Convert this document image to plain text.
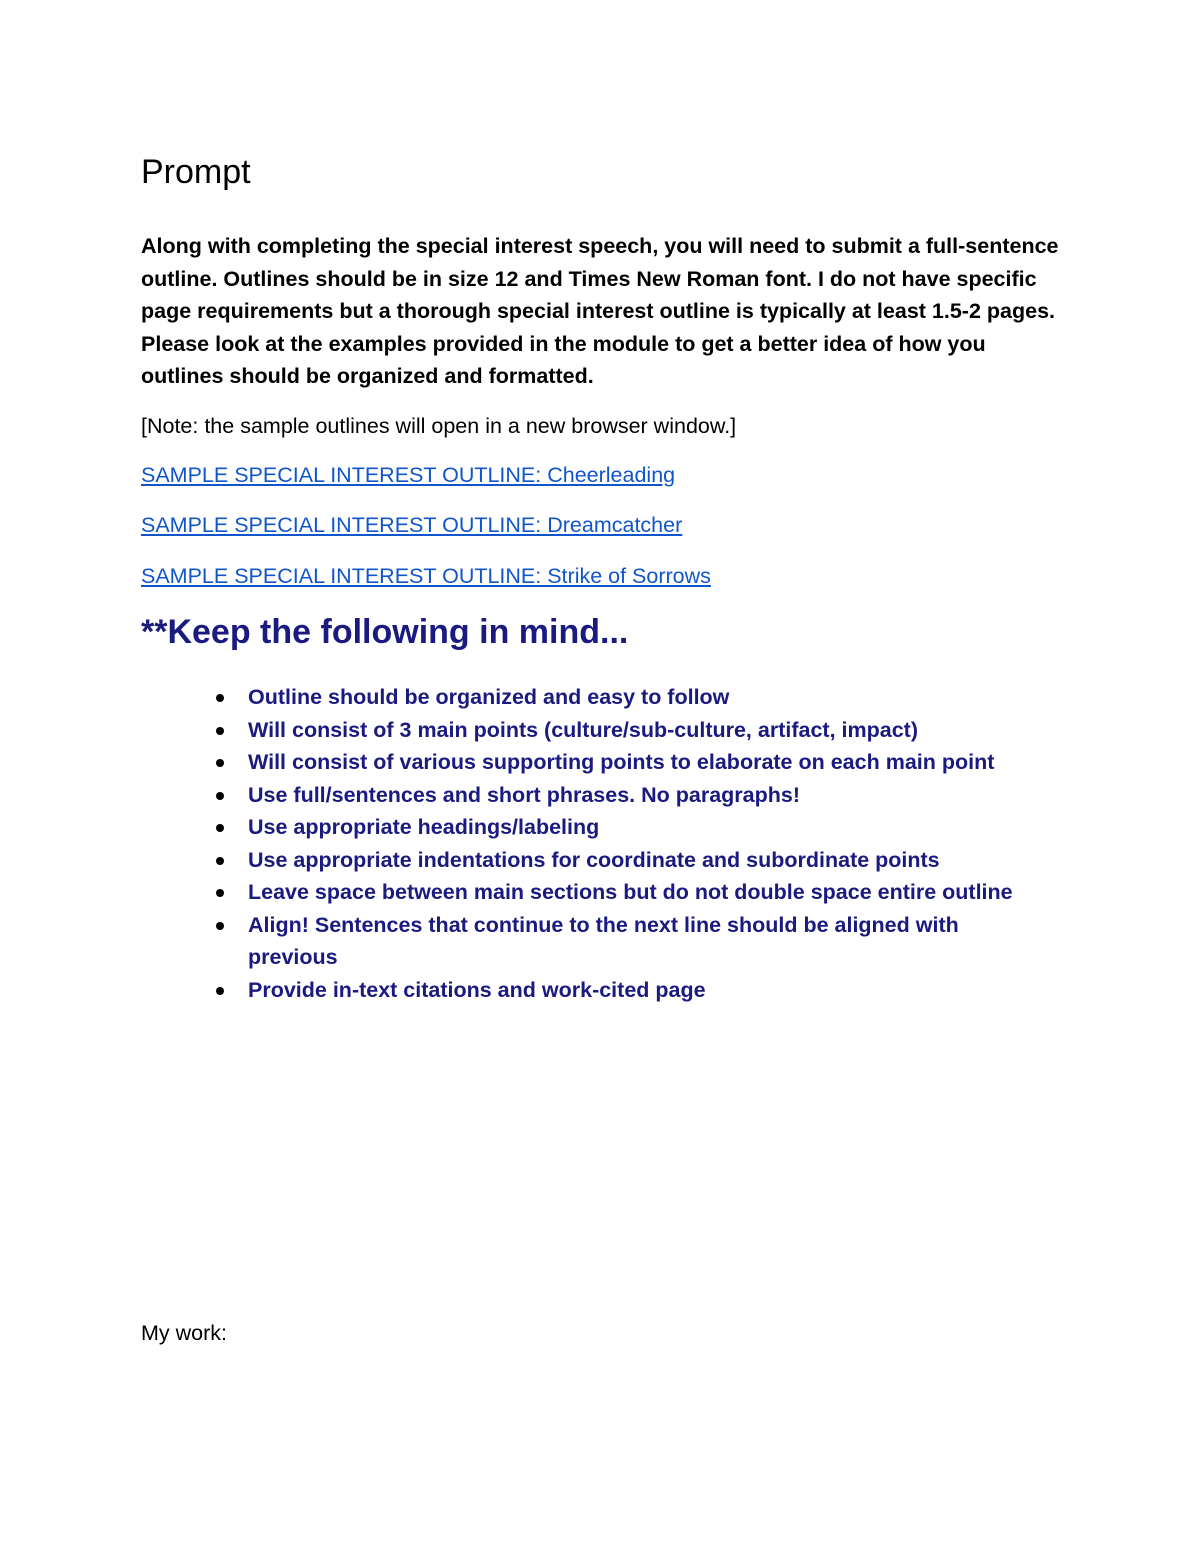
Prompt

Along with completing the special interest speech, you will need to submit a full-sentence outline. Outlines should be in size 12 and Times New Roman font. I do not have specific page requirements but a thorough special interest outline is typically at least 1.5-2 pages. Please look at the examples provided in the module to get a better idea of how you outlines should be organized and formatted.

[Note: the sample outlines will open in a new browser window.]

SAMPLE SPECIAL INTEREST OUTLINE: Cheerleading
SAMPLE SPECIAL INTEREST OUTLINE: Dreamcatcher
SAMPLE SPECIAL INTEREST OUTLINE: Strike of Sorrows
**Keep the following in mind...
Outline should be organized and easy to follow
Will consist of 3 main points (culture/sub-culture, artifact, impact)
Will consist of various supporting points to elaborate on each main point
Use full/sentences and short phrases. No paragraphs!
Use appropriate headings/labeling
Use appropriate indentations for coordinate and subordinate points
Leave space between main sections but do not double space entire outline
Align! Sentences that continue to the next line should be aligned with previous
Provide in-text citations and work-cited page

My work:
